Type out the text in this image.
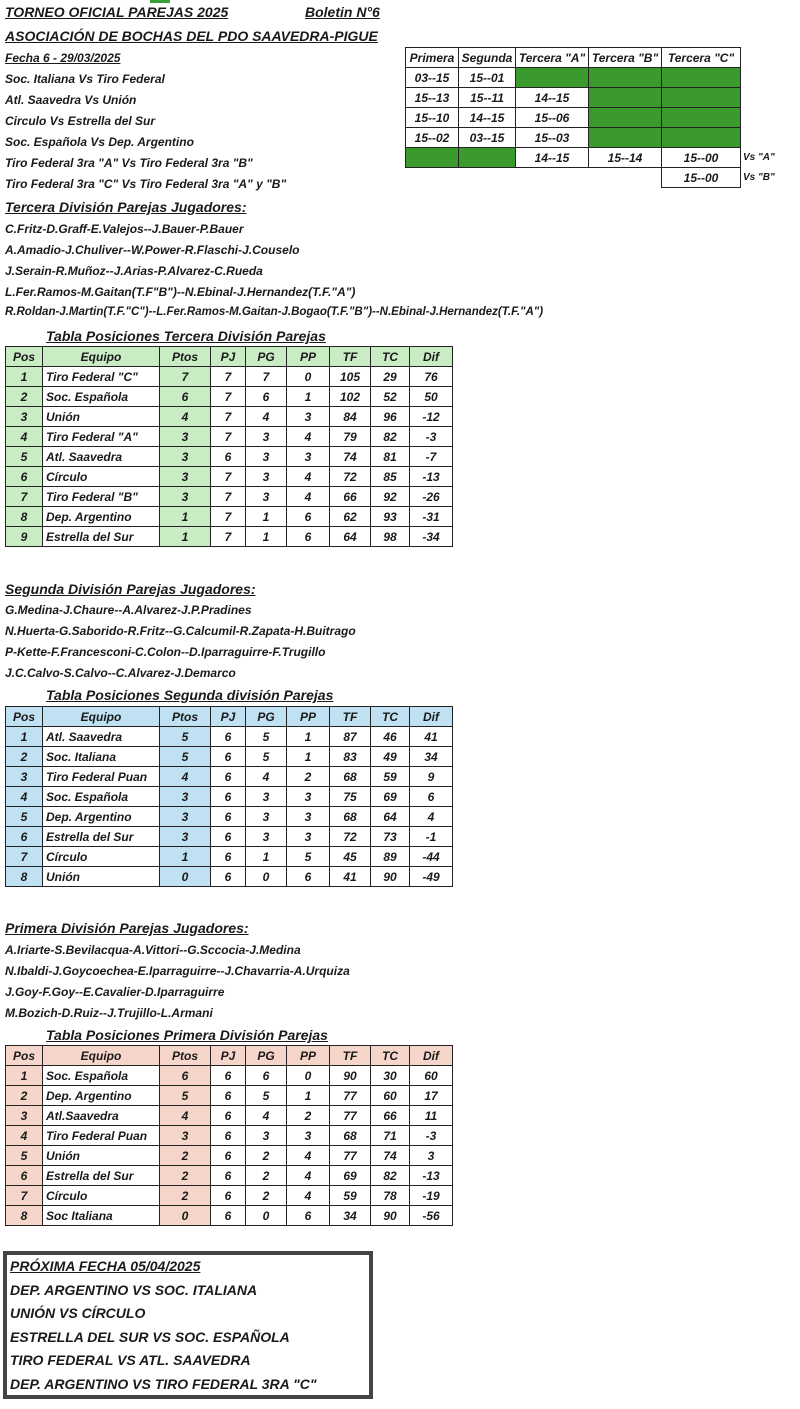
TORNEO OFICIAL PAREJAS 2025	Boletin N°6
ASOCIACIÓN DE BOCHAS DEL PDO SAAVEDRA-PIGUE
Fecha 6 - 29/03/2025
Soc. Italiana Vs Tiro Federal
Atl. Saavedra Vs Unión
Circulo Vs Estrella del Sur
Soc. Española Vs Dep. Argentino
Tiro Federal 3ra "A" Vs Tiro Federal 3ra "B"
Tiro Federal 3ra "C" Vs Tiro Federal 3ra "A" y "B"
Primera	Segunda	Tercera "A"	Tercera "B"	Tercera "C"	
03--15	15--01				
15--13	15--11	14--15			
15--10	14--15	15--06			
15--02	03--15	15--03			
		14--15	15--14	15--00	Vs "A"
				15--00	Vs "B"
Tercera División Parejas Jugadores:
C.Fritz-D.Graff-E.Valejos--J.Bauer-P.Bauer
A.Amadio-J.Chuliver--W.Power-R.Flaschi-J.Couselo
J.Serain-R.Muñoz--J.Arias-P.Alvarez-C.Rueda
L.Fer.Ramos-M.Gaitan(T.F"B")--N.Ebinal-J.Hernandez(T.F."A")
R.Roldan-J.Martin(T.F."C")--L.Fer.Ramos-M.Gaitan-J.Bogao(T.F."B")--N.Ebinal-J.Hernandez(T.F."A")
Tabla Posiciones Tercera División Parejas
Pos	Equipo	Ptos	PJ	PG	PP	TF	TC	Dif
1	Tiro Federal "C"	7	7	7	0	105	29	76
2	Soc. Española	6	7	6	1	102	52	50
3	Unión	4	7	4	3	84	96	-12
4	Tiro Federal "A"	3	7	3	4	79	82	-3
5	Atl. Saavedra	3	6	3	3	74	81	-7
6	Círculo	3	7	3	4	72	85	-13
7	Tiro Federal "B"	3	7	3	4	66	92	-26
8	Dep. Argentino	1	7	1	6	62	93	-31
9	Estrella del Sur	1	7	1	6	64	98	-34
Segunda División Parejas Jugadores:
G.Medina-J.Chaure--A.Alvarez-J.P.Pradines
N.Huerta-G.Saborido-R.Fritz--G.Calcumil-R.Zapata-H.Buitrago
P-Kette-F.Francesconi-C.Colon--D.Iparraguirre-F.Trugillo
J.C.Calvo-S.Calvo--C.Alvarez-J.Demarco
Tabla Posiciones Segunda división Parejas
Pos	Equipo	Ptos	PJ	PG	PP	TF	TC	Dif
1	Atl. Saavedra	5	6	5	1	87	46	41
2	Soc. Italiana	5	6	5	1	83	49	34
3	Tiro Federal Puan	4	6	4	2	68	59	9
4	Soc. Española	3	6	3	3	75	69	6
5	Dep. Argentino	3	6	3	3	68	64	4
6	Estrella del Sur	3	6	3	3	72	73	-1
7	Círculo	1	6	1	5	45	89	-44
8	Unión	0	6	0	6	41	90	-49
Primera División Parejas Jugadores:
A.Iriarte-S.Bevilacqua-A.Vittori--G.Sccocia-J.Medina
N.Ibaldi-J.Goycoechea-E.Iparraguirre--J.Chavarria-A.Urquiza
J.Goy-F.Goy--E.Cavalier-D.Iparraguirre
M.Bozich-D.Ruiz--J.Trujillo-L.Armani
Tabla Posiciones Primera División Parejas
Pos	Equipo	Ptos	PJ	PG	PP	TF	TC	Dif
1	Soc. Española	6	6	6	0	90	30	60
2	Dep. Argentino	5	6	5	1	77	60	17
3	Atl.Saavedra	4	6	4	2	77	66	11
4	Tiro Federal Puan	3	6	3	3	68	71	-3
5	Unión	2	6	2	4	77	74	3
6	Estrella del Sur	2	6	2	4	69	82	-13
7	Círculo	2	6	2	4	59	78	-19
8	Soc Italiana	0	6	0	6	34	90	-56
PRÓXIMA FECHA 05/04/2025
DEP. ARGENTINO VS SOC. ITALIANA
UNIÓN VS CÍRCULO
ESTRELLA DEL SUR VS SOC. ESPAÑOLA
TIRO FEDERAL VS ATL. SAAVEDRA
DEP. ARGENTINO VS TIRO FEDERAL 3RA "C"
